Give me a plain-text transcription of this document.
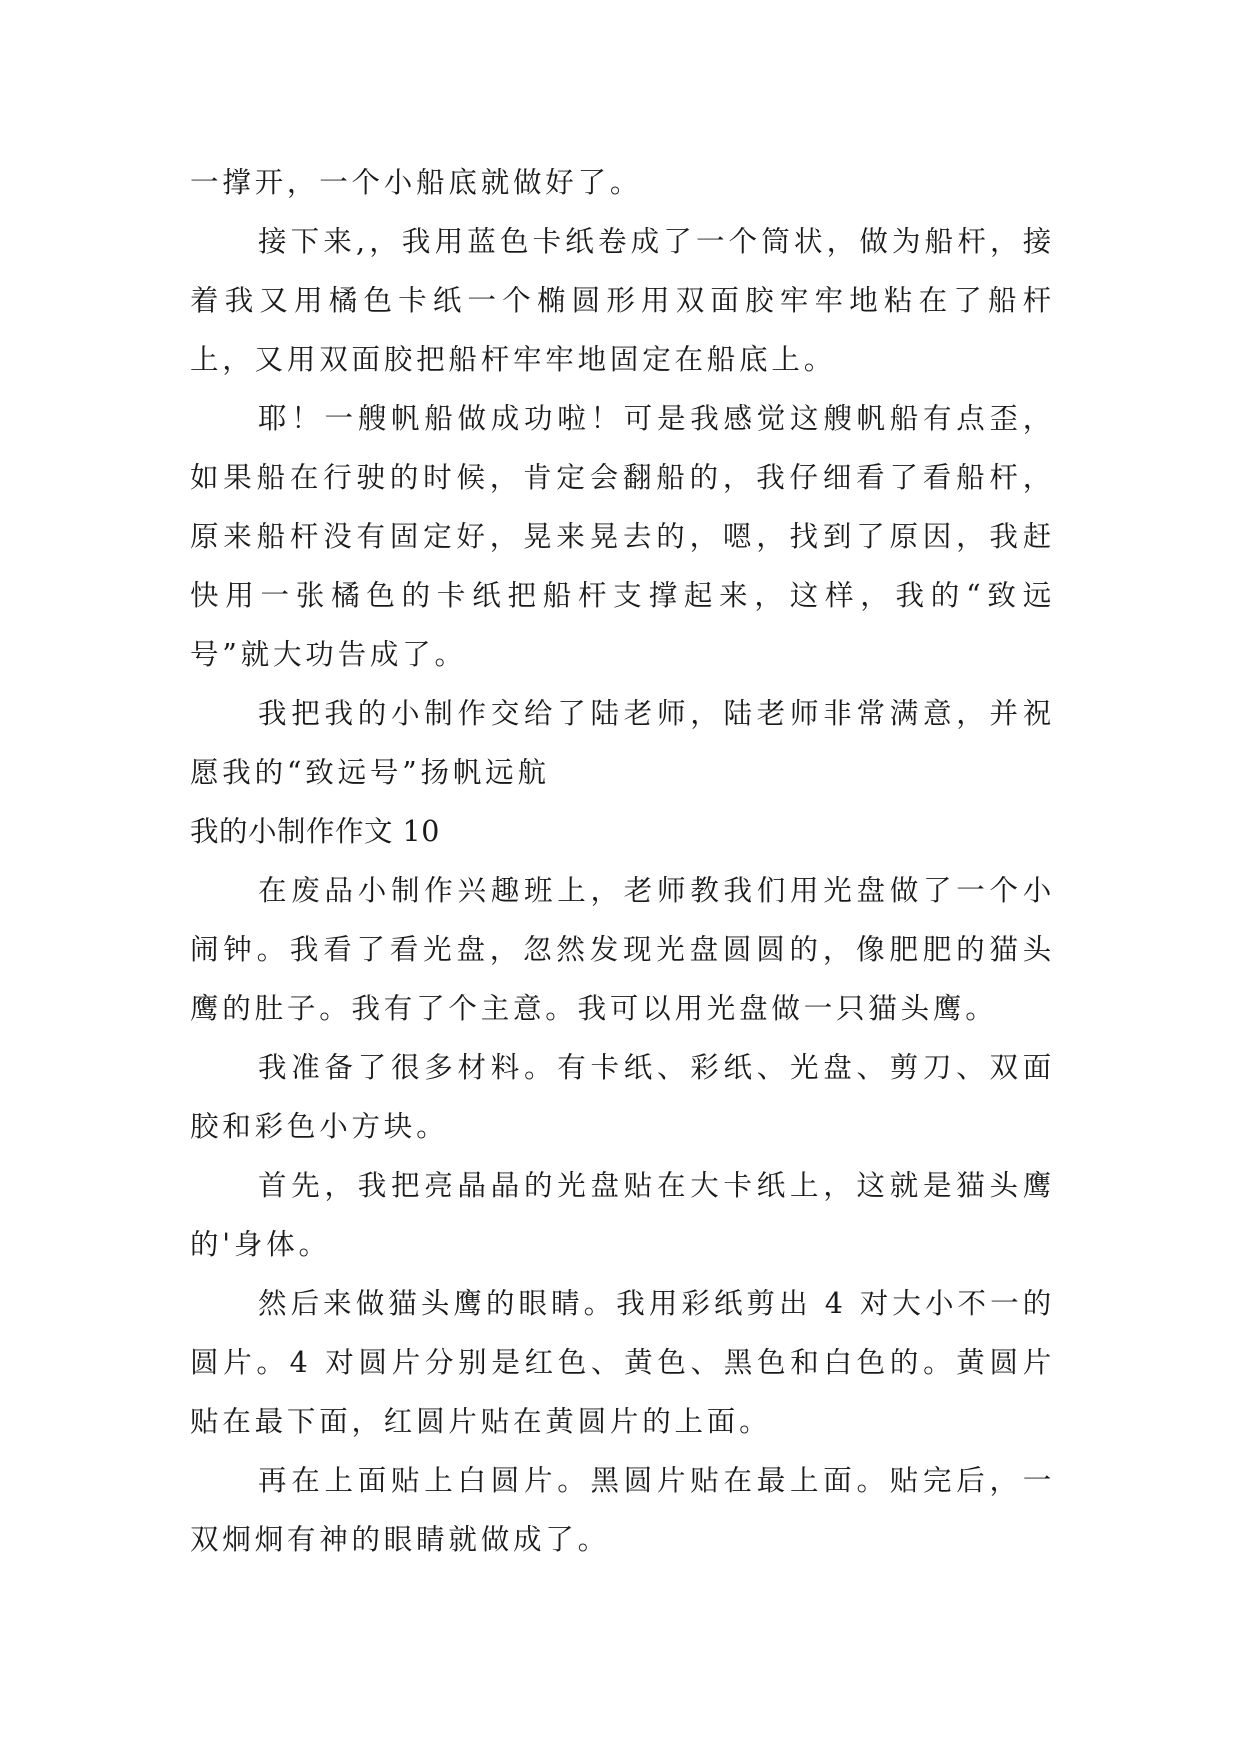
一撑开，一个小船底就做好了。

接下来,，我用蓝色卡纸卷成了一个筒状，做为船杆，接着我又用橘色卡纸一个椭圆形用双面胶牢牢地粘在了船杆上，又用双面胶把船杆牢牢地固定在船底上。

耶！一艘帆船做成功啦！可是我感觉这艘帆船有点歪，如果船在行驶的时候，肯定会翻船的，我仔细看了看船杆，原来船杆没有固定好，晃来晃去的，嗯，找到了原因，我赶快用一张橘色的卡纸把船杆支撑起来，这样，我的“致远号”就大功告成了。

我把我的小制作交给了陆老师，陆老师非常满意，并祝愿我的“致远号”扬帆远航

我的小制作作文 10

在废品小制作兴趣班上，老师教我们用光盘做了一个小闹钟。我看了看光盘，忽然发现光盘圆圆的，像肥肥的猫头鹰的肚子。我有了个主意。我可以用光盘做一只猫头鹰。

我准备了很多材料。有卡纸、彩纸、光盘、剪刀、双面胶和彩色小方块。

首先，我把亮晶晶的光盘贴在大卡纸上，这就是猫头鹰的'身体。

然后来做猫头鹰的眼睛。我用彩纸剪出 4 对大小不一的圆片。4 对圆片分别是红色、黄色、黑色和白色的。黄圆片贴在最下面，红圆片贴在黄圆片的上面。

再在上面贴上白圆片。黑圆片贴在最上面。贴完后，一双炯炯有神的眼睛就做成了。
